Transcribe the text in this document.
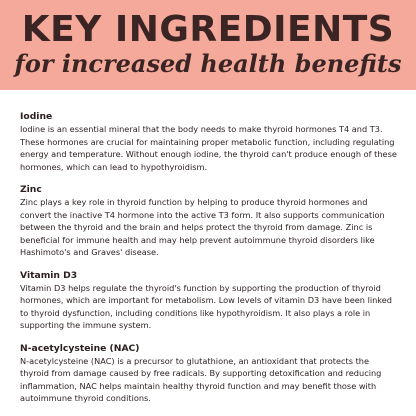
KEY INGREDIENTS
for increased health benefits
Iodine
Iodine is an essential mineral that the body needs to make thyroid hormones T4 and T3. These hormones are crucial for maintaining proper metabolic function, including regulating energy and temperature. Without enough iodine, the thyroid can't produce enough of these hormones, which can lead to hypothyroidism.
Zinc
Zinc plays a key role in thyroid function by helping to produce thyroid hormones and convert the inactive T4 hormone into the active T3 form. It also supports communication between the thyroid and the brain and helps protect the thyroid from damage. Zinc is beneficial for immune health and may help prevent autoimmune thyroid disorders like Hashimoto's and Graves' disease.
Vitamin D3
Vitamin D3 helps regulate the thyroid's function by supporting the production of thyroid hormones, which are important for metabolism. Low levels of vitamin D3 have been linked to thyroid dysfunction, including conditions like hypothyroidism. It also plays a role in supporting the immune system.
N-acetylcysteine (NAC)
N-acetylcysteine (NAC) is a precursor to glutathione, an antioxidant that protects the thyroid from damage caused by free radicals. By supporting detoxification and reducing inflammation, NAC helps maintain healthy thyroid function and may benefit those with autoimmune thyroid conditions.
